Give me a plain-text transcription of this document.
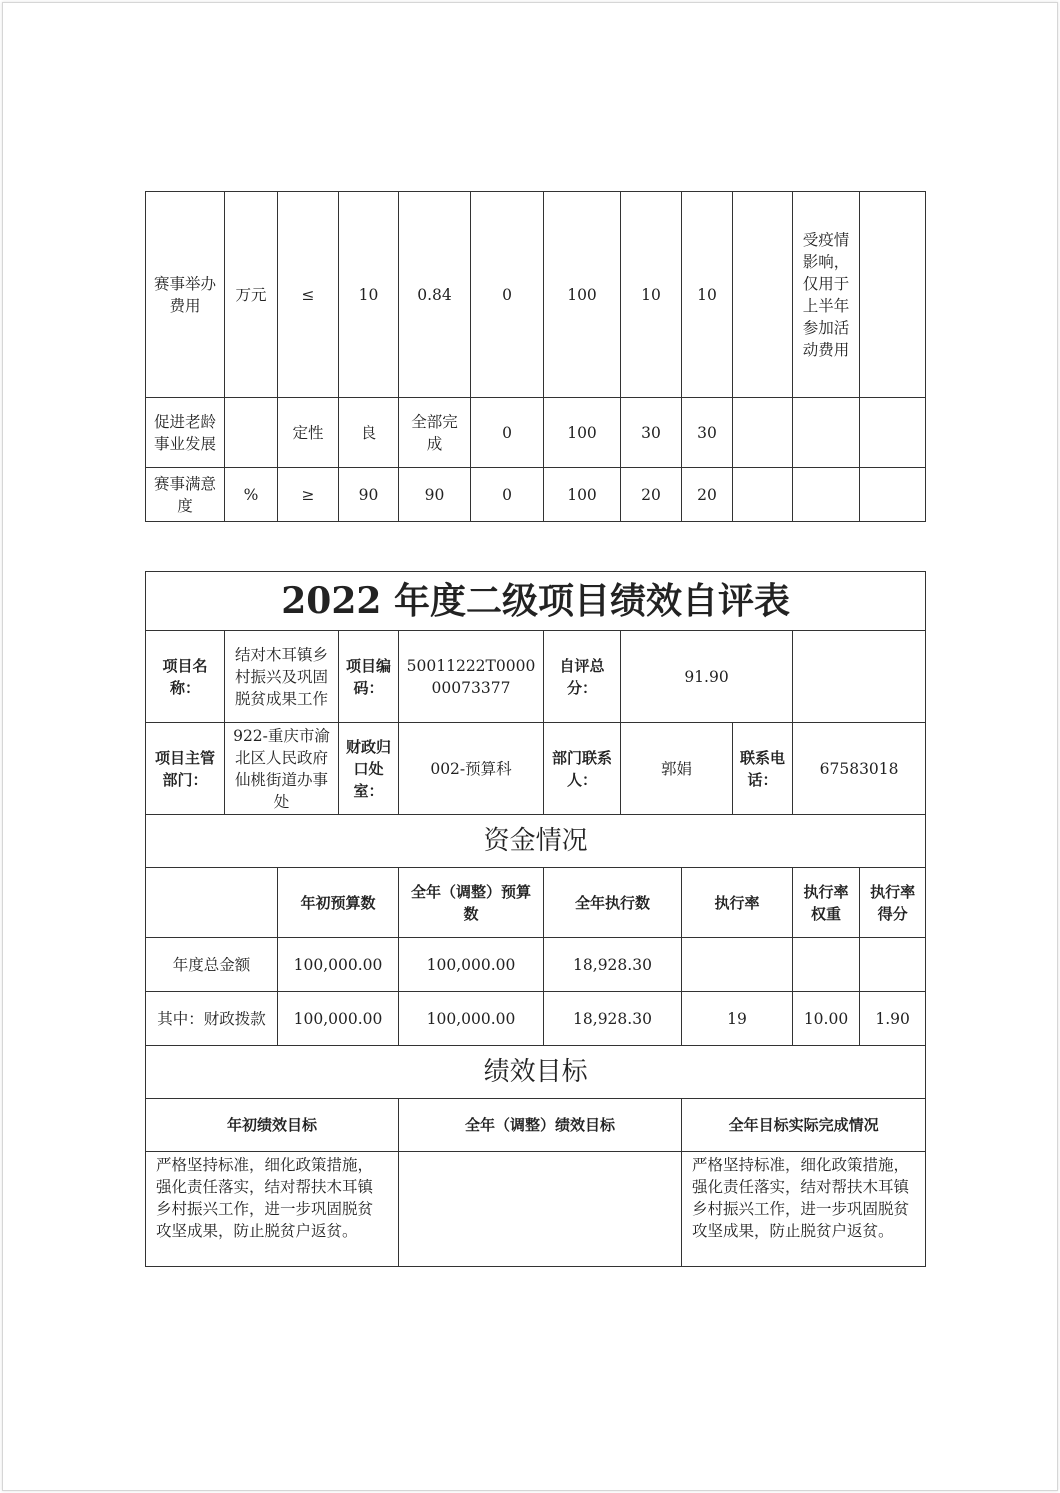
赛事举办费用	万元	≤	10	0.84	0	100	10	10		受疫情影响，仅用于上半年参加活动费用	
促进老龄事业发展		定性	良	全部完成	0	100	30	30			
赛事满意度	%	≥	90	90	0	100	20	20			
2022 年度二级项目绩效自评表										
项目名称：	结对木耳镇乡村振兴及巩固脱贫成果工作		项目编码：	50011222T000000073377	自评总分：	91.90				
项目主管部门：	922-重庆市渝北区人民政府仙桃街道办事处		财政归口处室：	002-预算科	部门联系人：	郭娟		联系电话：	67583018	
资金情况										
		年初预算数		全年（调整）预算数	全年执行数		执行率		执行率权重	执行率得分
年度总金额		100,000.00		100,000.00	18,928.30					
其中：财政拨款		100,000.00		100,000.00	18,928.30		19		10.00	1.90
绩效目标										
年初绩效目标				全年（调整）绩效目标			全年目标实际完成情况			
严格坚持标准，细化政策措施，强化责任落实，结对帮扶木耳镇乡村振兴工作，进一步巩固脱贫攻坚成果，防止脱贫户返贫。							严格坚持标准，细化政策措施，强化责任落实，结对帮扶木耳镇乡村振兴工作，进一步巩固脱贫攻坚成果，防止脱贫户返贫。			
